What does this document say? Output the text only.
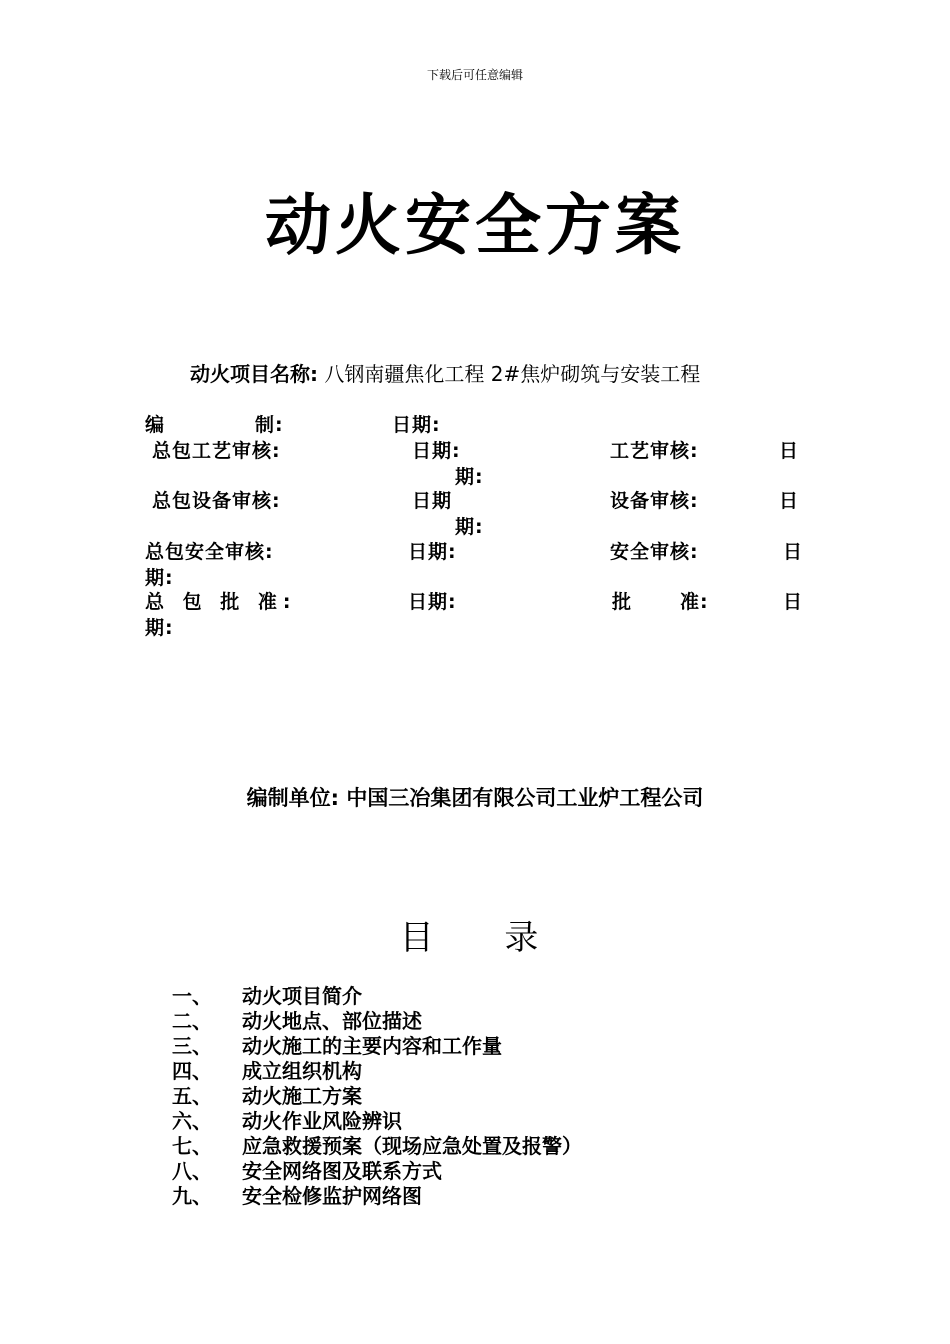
下载后可任意编辑
动火安全方案
动火项目名称: 八钢南疆焦化工程 2#焦炉砌筑与安装工程
编	制:	日期:
总包工艺审核:	日期:	工艺审核:	日
期:
总包设备审核:	日期	设备审核:	日
期:
总包安全审核:	日期:	安全审核:	日
期:
总 包 批 准:	日期:	批	准:	日
期:
编制单位: 中国三冶集团有限公司工业炉工程公司
目 录
一、	动火项目简介
二、	动火地点、部位描述
三、	动火施工的主要内容和工作量
四、	成立组织机构
五、	动火施工方案
六、	动火作业风险辨识
七、	应急救援预案（现场应急处置及报警）
八、	安全网络图及联系方式
九、	安全检修监护网络图
